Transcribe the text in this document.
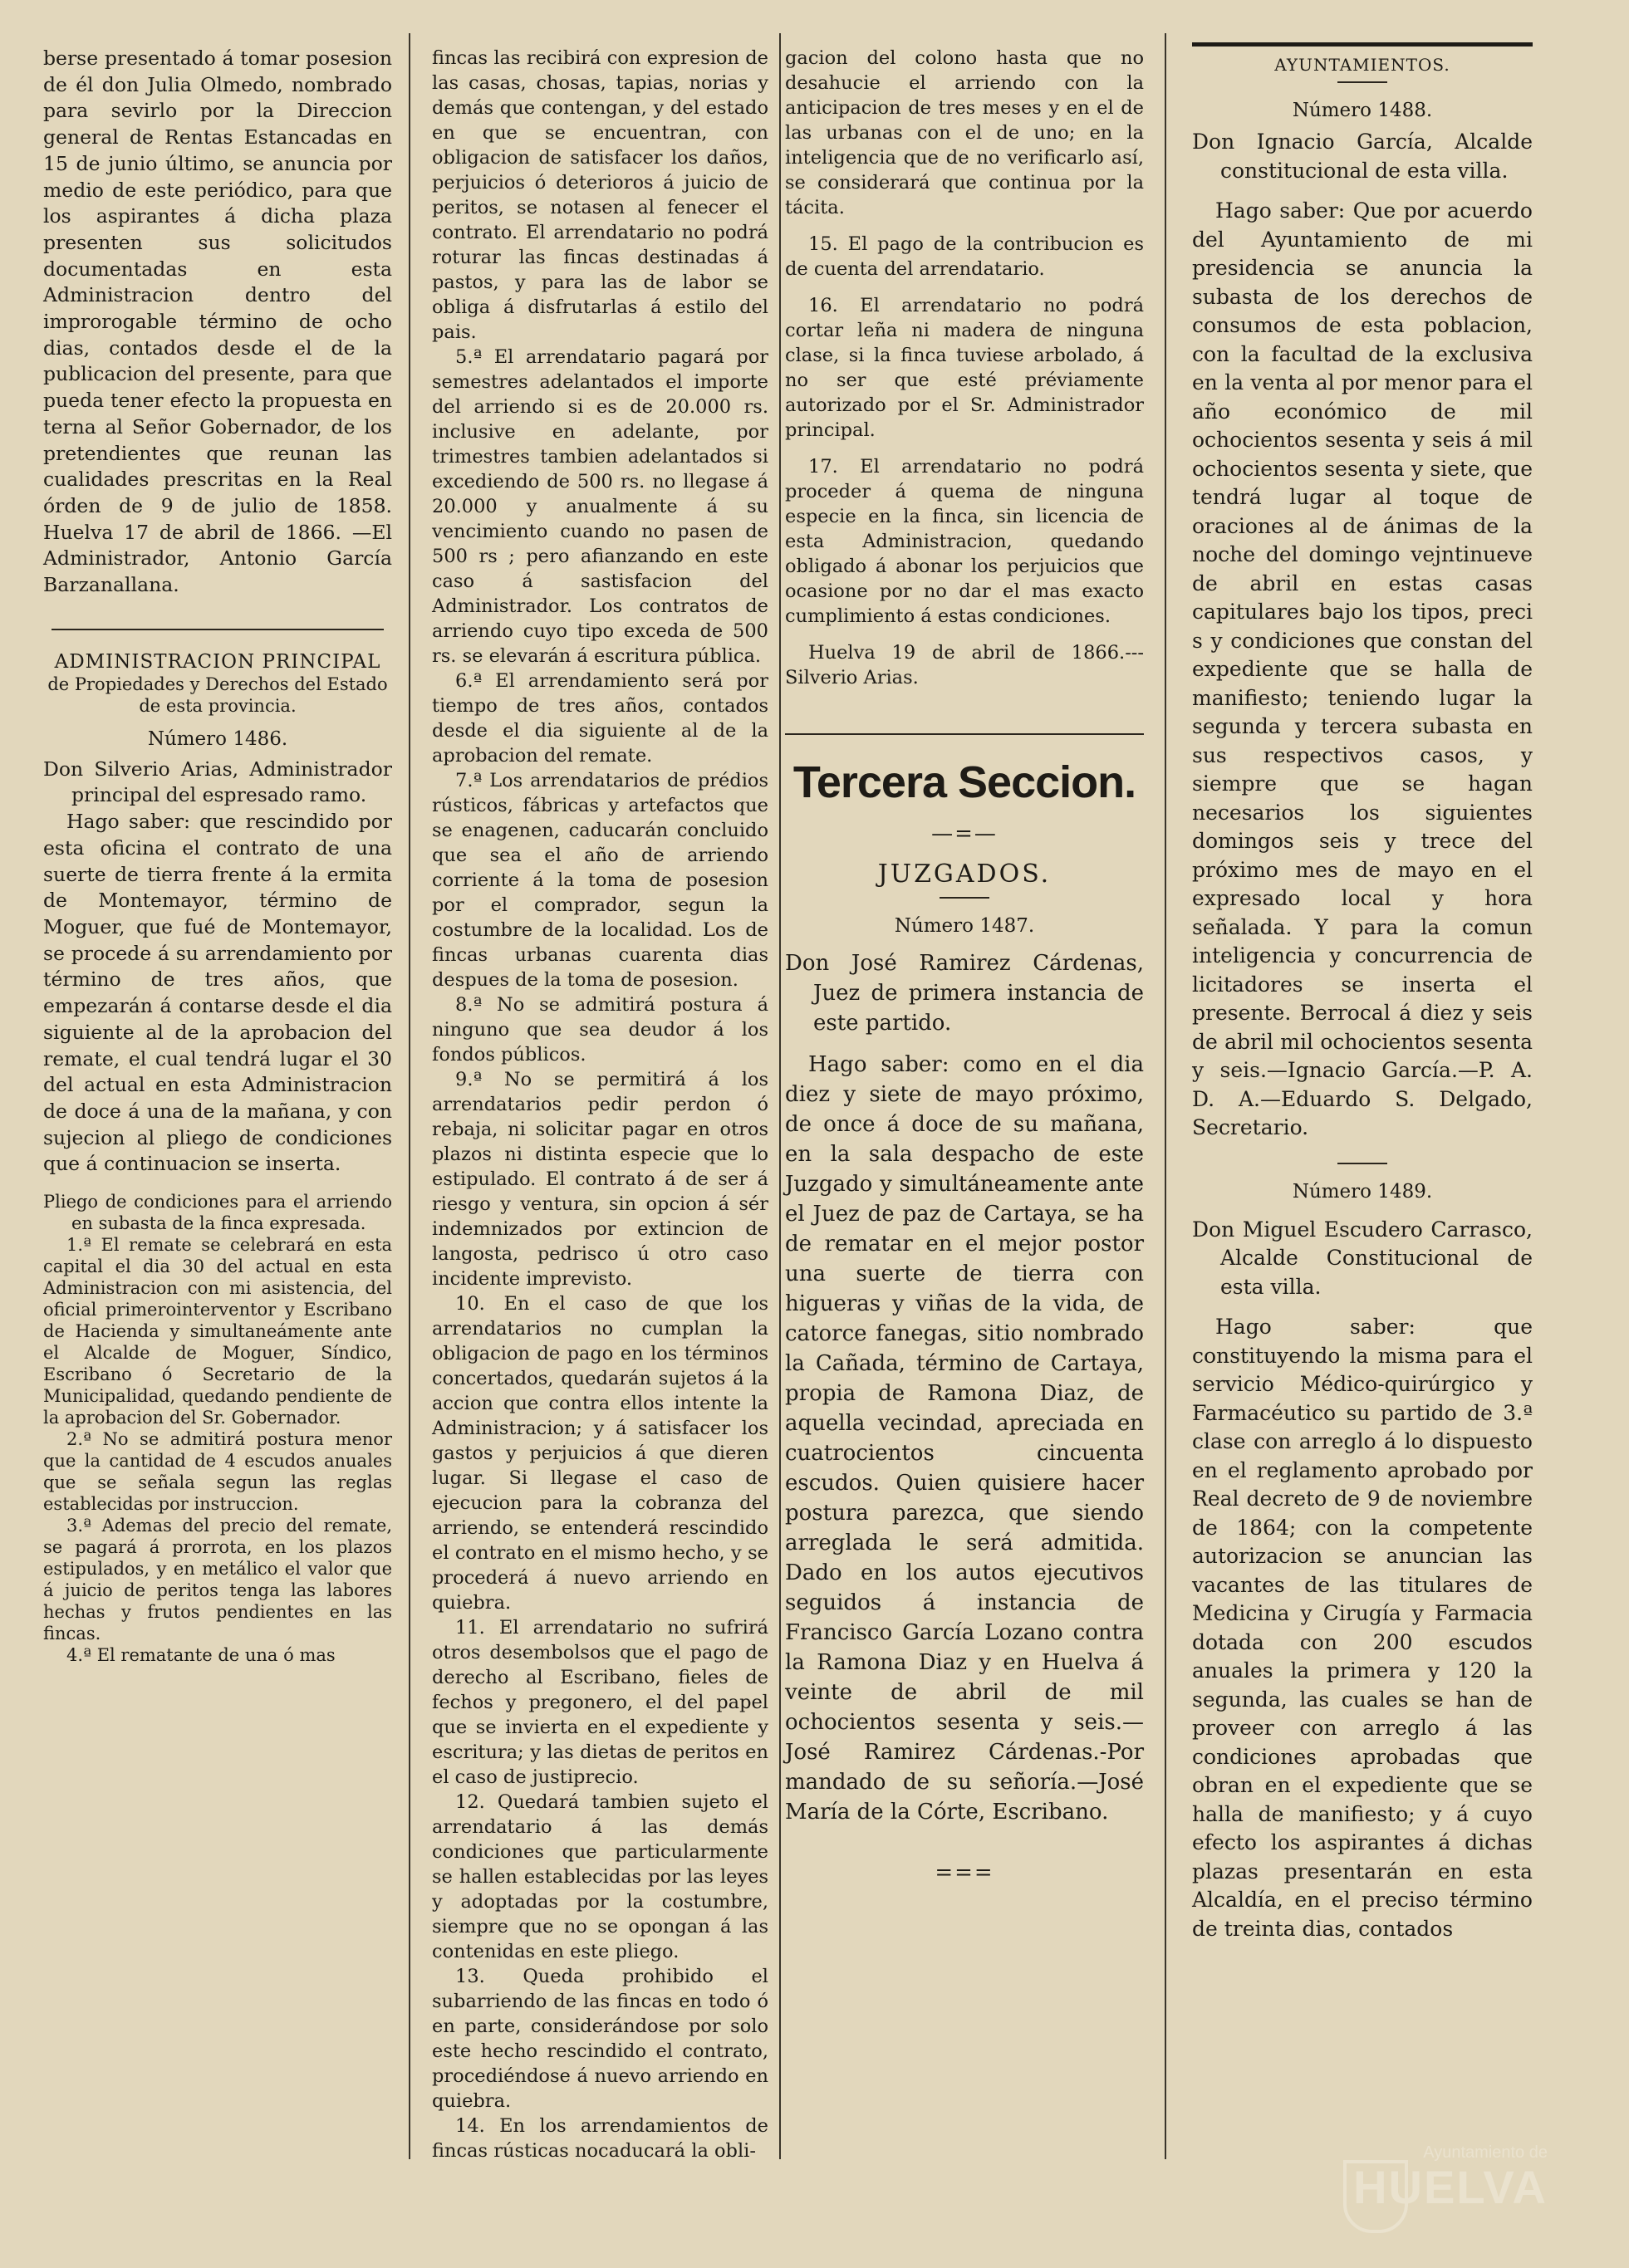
berse presentado á tomar posesion de él don Julia Olmedo, nombrado para sevirlo por la Direccion general de Rentas Estancadas en 15 de junio último, se anuncia por medio de este periódico, para que los aspirantes á dicha plaza presenten sus solicitudos documentadas en esta Administracion dentro del improrogable término de ocho dias, contados desde el de la publicacion del presente, para que pueda tener efecto la propuesta en terna al Señor Gobernador, de los pretendientes que reunan las cualidades prescritas en la Real órden de 9 de julio de 1858. Huelva 17 de abril de 1866. —El Administrador, Antonio García Barzanallana.

ADMINISTRACION PRINCIPAL
de Propiedades y Derechos del Estado de esta provincia.
Número 1486.

Don Silverio Arias, Administrador principal del espresado ramo.

Hago saber: que rescindido por esta oficina el contrato de una suerte de tierra frente á la ermita de Montemayor, término de Moguer, que fué de Montemayor, se procede á su arrendamiento por término de tres años, que empezarán á contarse desde el dia siguiente al de la aprobacion del remate, el cual tendrá lugar el 30 del actual en esta Administracion de doce á una de la mañana, y con sujecion al pliego de condiciones que á continuacion se inserta.

Pliego de condiciones para el arriendo en subasta de la finca expresada.

1.ª El remate se celebrará en esta capital el dia 30 del actual en esta Administracion con mi asistencia, del oficial primerointerventor y Escribano de Hacienda y simultaneámente ante el Alcalde de Moguer, Síndico, Escribano ó Secretario de la Municipalidad, quedando pendiente de la aprobacion del Sr. Gobernador.

2.ª No se admitirá postura menor que la cantidad de 4 escudos anuales que se señala segun las reglas establecidas por instruccion.

3.ª Ademas del precio del remate, se pagará á prorrota, en los plazos estipulados, y en metálico el valor que á juicio de peritos tenga las labores hechas y frutos pendientes en las fincas.

4.ª El rematante de una ó mas

fincas las recibirá con expresion de las casas, chosas, tapias, norias y demás que contengan, y del estado en que se encuentran, con obligacion de satisfacer los daños, perjuicios ó deterioros á juicio de peritos, se notasen al fenecer el contrato. El arrendatario no podrá roturar las fincas destinadas á pastos, y para las de labor se obliga á disfrutarlas á estilo del pais.

5.ª El arrendatario pagará por semestres adelantados el importe del arriendo si es de 20.000 rs. inclusive en adelante, por trimestres tambien adelantados si excediendo de 500 rs. no llegase á 20.000 y anualmente á su vencimiento cuando no pasen de 500 rs ; pero afianzando en este caso á sastisfacion del Administrador. Los contratos de arriendo cuyo tipo exceda de 500 rs. se elevarán á escritura pública.

6.ª El arrendamiento será por tiempo de tres años, contados desde el dia siguiente al de la aprobacion del remate.

7.ª Los arrendatarios de prédios rústicos, fábricas y artefactos que se enagenen, caducarán concluido que sea el año de arriendo corriente á la toma de posesion por el comprador, segun la costumbre de la localidad. Los de fincas urbanas cuarenta dias despues de la toma de posesion.

8.ª No se admitirá postura á ninguno que sea deudor á los fondos públicos.

9.ª No se permitirá á los arrendatarios pedir perdon ó rebaja, ni solicitar pagar en otros plazos ni distinta especie que lo estipulado. El contrato á de ser á riesgo y ventura, sin opcion á sér indemnizados por extincion de langosta, pedrisco ú otro caso incidente imprevisto.

10. En el caso de que los arrendatarios no cumplan la obligacion de pago en los términos concertados, quedarán sujetos á la accion que contra ellos intente la Administracion; y á satisfacer los gastos y perjuicios á que dieren lugar. Si llegase el caso de ejecucion para la cobranza del arriendo, se entenderá rescindido el contrato en el mismo hecho, y se procederá á nuevo arriendo en quiebra.

11. El arrendatario no sufrirá otros desembolsos que el pago de derecho al Escribano, fieles de fechos y pregonero, el del papel que se invierta en el expediente y escritura; y las dietas de peritos en el caso de justiprecio.

12. Quedará tambien sujeto el arrendatario á las demás condiciones que particularmente se hallen establecidas por las leyes y adoptadas por la costumbre, siempre que no se opongan á las contenidas en este pliego.

13. Queda prohibido el subarriendo de las fincas en todo ó en parte, considerándose por solo este hecho rescindido el contrato, procediéndose á nuevo arriendo en quiebra.

14. En los arrendamientos de fincas rústicas nocaducará la obli-

gacion del colono hasta que no desahucie el arriendo con la anticipacion de tres meses y en el de las urbanas con el de uno; en la inteligencia que de no verificarlo así, se considerará que continua por la tácita.

15. El pago de la contribucion es de cuenta del arrendatario.

16. El arrendatario no podrá cortar leña ni madera de ninguna clase, si la finca tuviese arbolado, á no ser que esté préviamente autorizado por el Sr. Administrador principal.

17. El arrendatario no podrá proceder á quema de ninguna especie en la finca, sin licencia de esta Administracion, quedando obligado á abonar los perjuicios que ocasione por no dar el mas exacto cumplimiento á estas condiciones.

Huelva 19 de abril de 1866.--- Silverio Arias.

Tercera Seccion.
—=—
JUZGADOS.
Número 1487.

Don José Ramirez Cárdenas, Juez de primera instancia de este partido.

Hago saber: como en el dia diez y siete de mayo próximo, de once á doce de su mañana, en la sala despacho de este Juzgado y simultáneamente ante el Juez de paz de Cartaya, se ha de rematar en el mejor postor una suerte de tierra con higueras y viñas de la vida, de catorce fanegas, sitio nombrado la Cañada, término de Cartaya, propia de Ramona Diaz, de aquella vecindad, apreciada en cuatrocientos cincuenta escudos. Quien quisiere hacer postura parezca, que siendo arreglada le será admitida. Dado en los autos ejecutivos seguidos á instancia de Francisco García Lozano contra la Ramona Diaz y en Huelva á veinte de abril de mil ochocientos sesenta y seis.—José Ramirez Cárdenas.-Por mandado de su señoría.—José María de la Córte, Escribano.

===
AYUNTAMIENTOS.
Número 1488.

Don Ignacio García, Alcalde constitucional de esta villa.

Hago saber: Que por acuerdo del Ayuntamiento de mi presidencia se anuncia la subasta de los derechos de consumos de esta poblacion, con la facultad de la exclusiva en la venta al por menor para el año económico de mil ochocientos sesenta y seis á mil ochocientos sesenta y siete, que tendrá lugar al toque de oraciones al de ánimas de la noche del domingo vejntinueve de abril en estas casas capitulares bajo los tipos, preci s y condiciones que constan del expediente que se halla de manifiesto; teniendo lugar la segunda y tercera subasta en sus respectivos casos, y siempre que se hagan necesarios los siguientes domingos seis y trece del próximo mes de mayo en el expresado local y hora señalada. Y para la comun inteligencia y concurrencia de licitadores se inserta el presente. Berrocal á diez y seis de abril mil ochocientos sesenta y seis.—Ignacio García.—P. A. D. A.—Eduardo S. Delgado, Secretario.

Número 1489.

Don Miguel Escudero Carrasco, Alcalde Constitucional de esta villa.

Hago saber: que constituyendo la misma para el servicio Médico-quirúrgico y Farmacéutico su partido de 3.ª clase con arreglo á lo dispuesto en el reglamento aprobado por Real decreto de 9 de noviembre de 1864; con la competente autorizacion se anuncian las vacantes de las titulares de Medicina y Cirugía y Farmacia dotada con 200 escudos anuales la primera y 120 la segunda, las cuales se han de proveer con arreglo á las condiciones aprobadas que obran en el expediente que se halla de manifiesto; y á cuyo efecto los aspirantes á dichas plazas presentarán en esta Alcaldía, en el preciso término de treinta dias, contados

Ayuntamiento de
HUELVA
